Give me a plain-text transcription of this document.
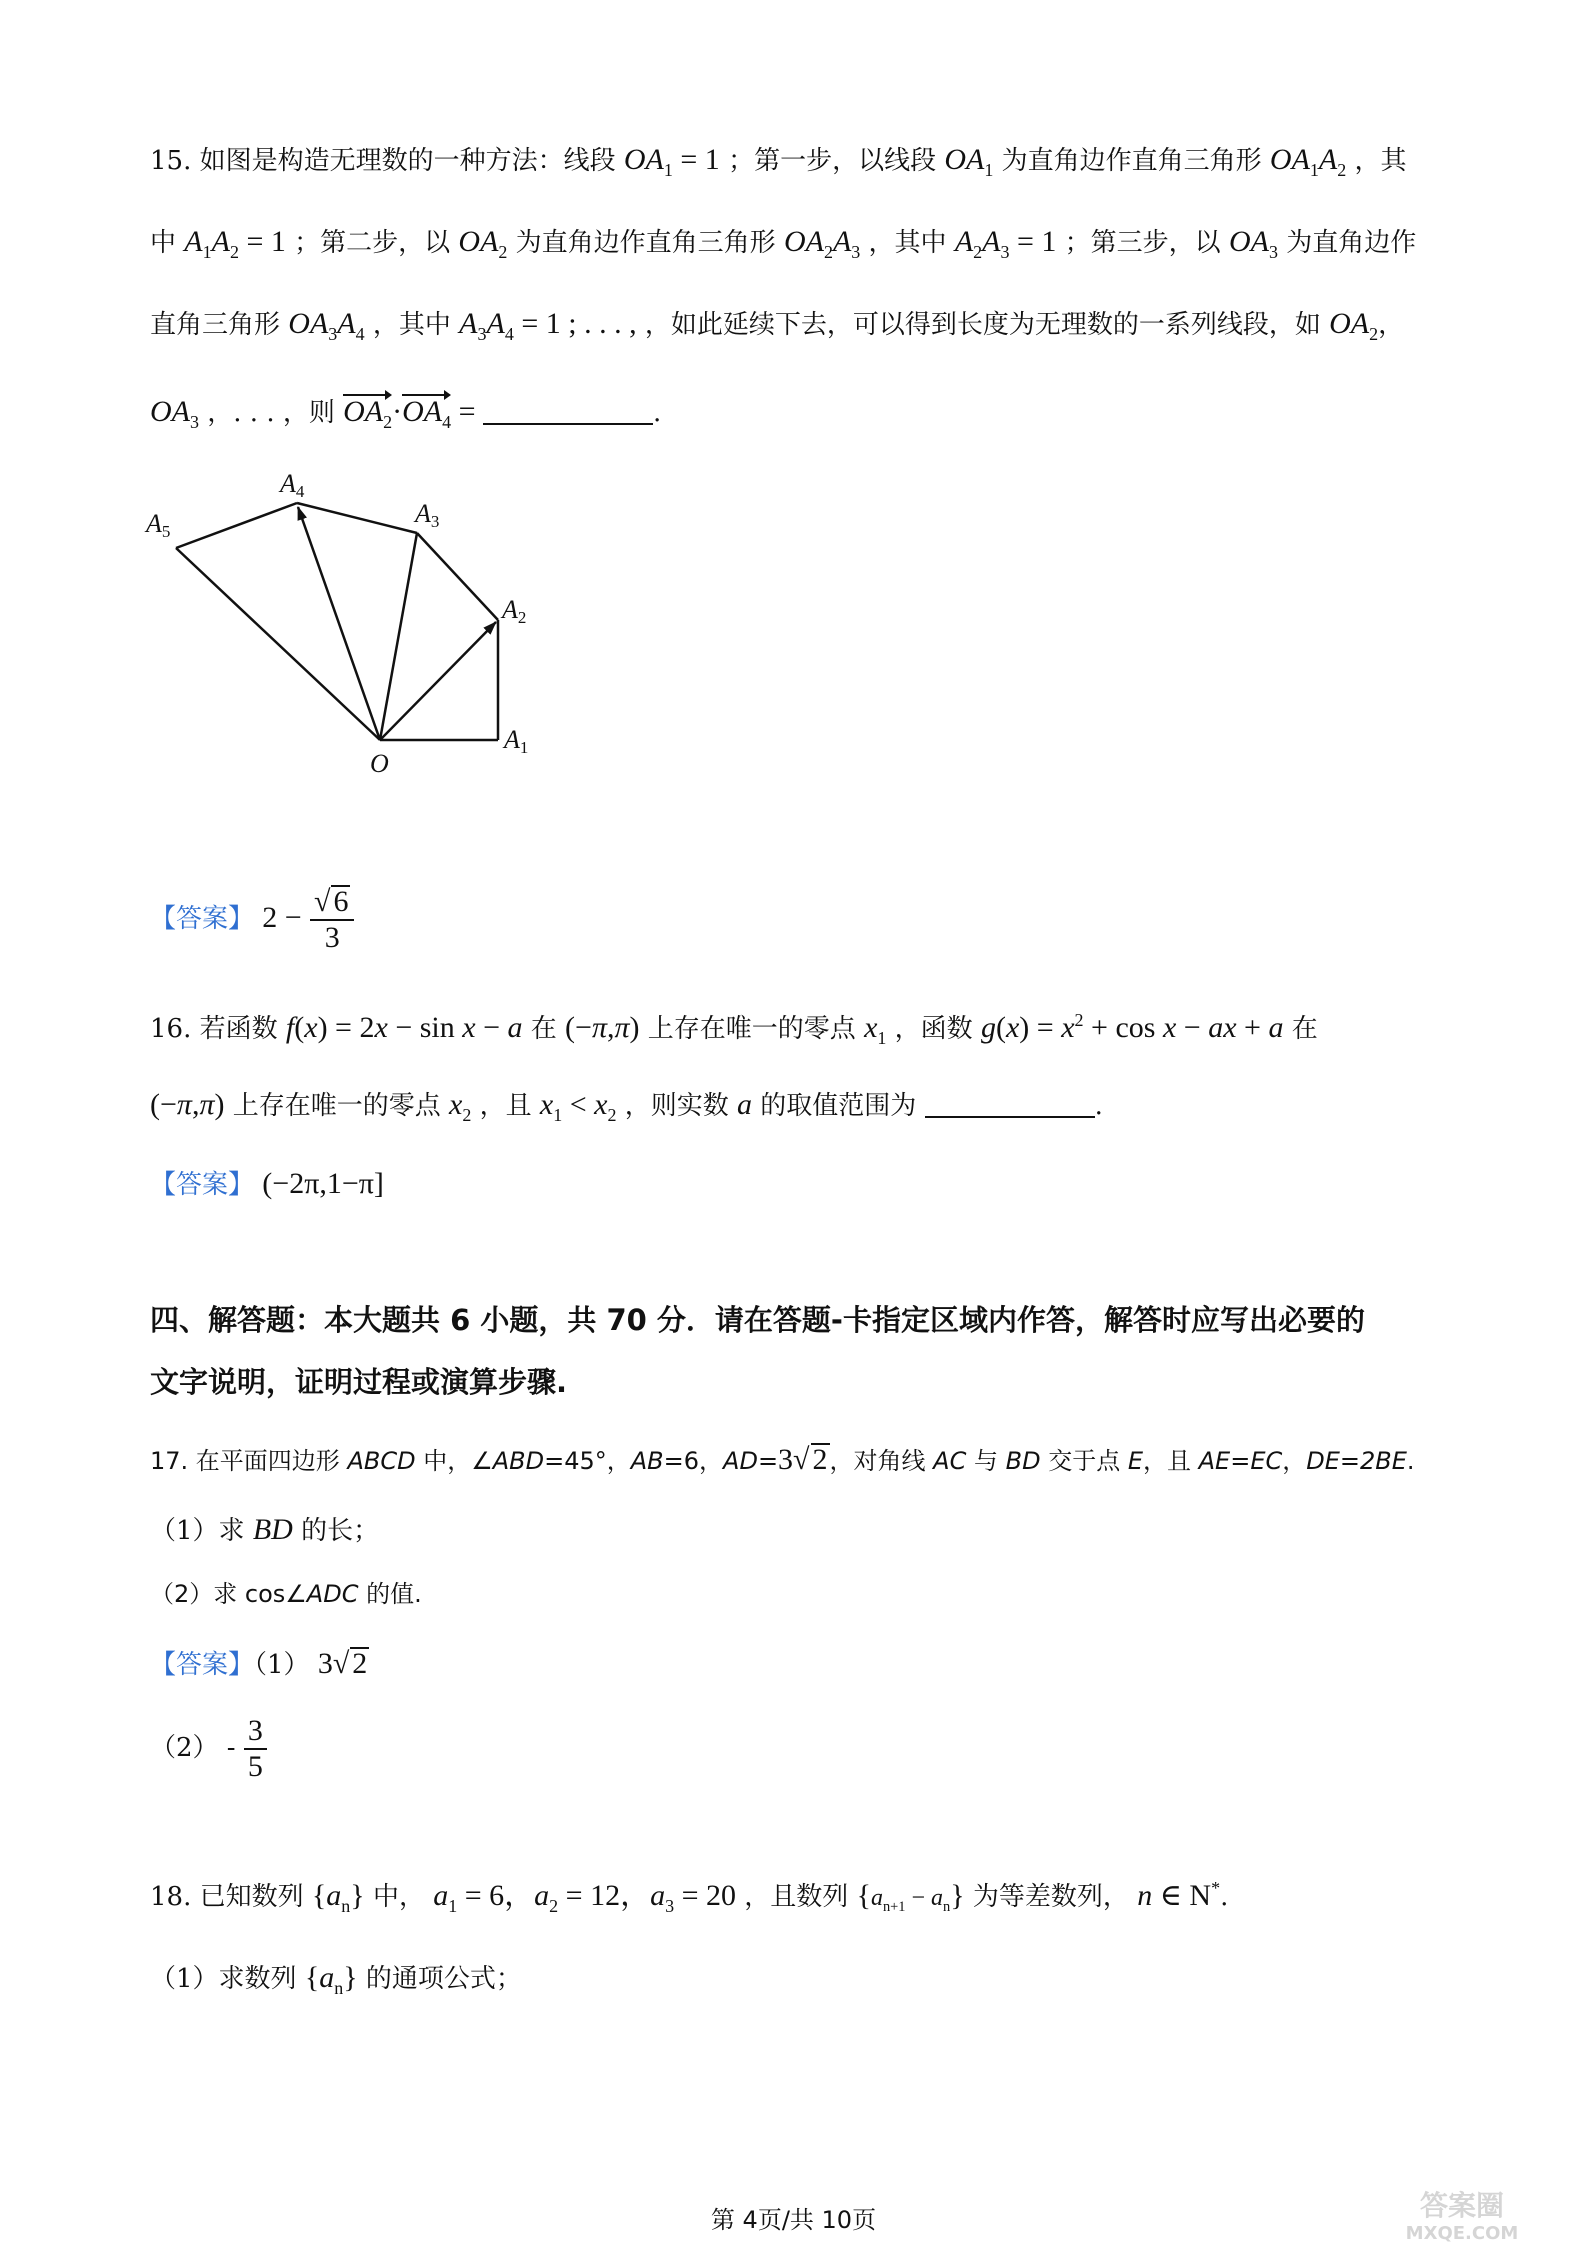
15. 如图是构造无理数的一种方法：线段 $OA_1 = 1$ ；第一步，以线段 $OA_1$ 为直角边作直角三角形 $OA_1A_2$ ，其
中 $A_1A_2 = 1$ ；第二步，以 $OA_2$ 为直角边作直角三角形 $OA_2A_3$ ，其中 $A_2A_3 = 1$ ；第三步，以 $OA_3$ 为直角边作
直角三角形 $OA_3A_4$ ，其中 $A_3A_4 = 1$ ; . . . , ，如此延续下去，可以得到长度为无理数的一系列线段，如 $OA_2$，
$OA_3$ ，. . . ，则 $OA_2\cdot OA_4$ =	.
O
A1
A2
A3
A4
A5
【答案】 $2 - \frac{√ 6}{3}$
16. 若函数 f(x) = 2x − sin x − a 在 (−π,π) 上存在唯一的零点 $x_1$ ，函数 $g(x) = x^2 + \cos x$ − ax + a 在
(−π,π) 上存在唯一的零点 $x_2$ ，且 $x_1 < x_2$ ，则实数 a 的取值范围为	.
【答案】 (−2π,1−π]
四、解答题：本大题共 6 小题，共 70 分．请在答题-卡指定区域内作答，解答时应写出必要的
文字说明，证明过程或演算步骤.
17. 在平面四边形 ABCD 中，∠ABD=45°，AB=6，AD=3√ 2，对角线 AC 与 BD 交于点 E，且 AE=EC，DE=2BE.
（1）求 BD 的长；
（2）求 cos∠ADC 的值.
【答案】（1） 3√ 2
$(2) - \frac{3}{5}$
18. 已知数列 $\{a_n\}$ 中， $a_1 = 6$，$a_2 = 12$，$a_3 = 20$ ，且数列 $\{a_{n+1} - a_n\}$ 为等差数列， n ∈ N*.
（1）求数列 $\{a_n\}$ 的通项公式；
第 4页/共 10页	答案圈
MXQE.COM
